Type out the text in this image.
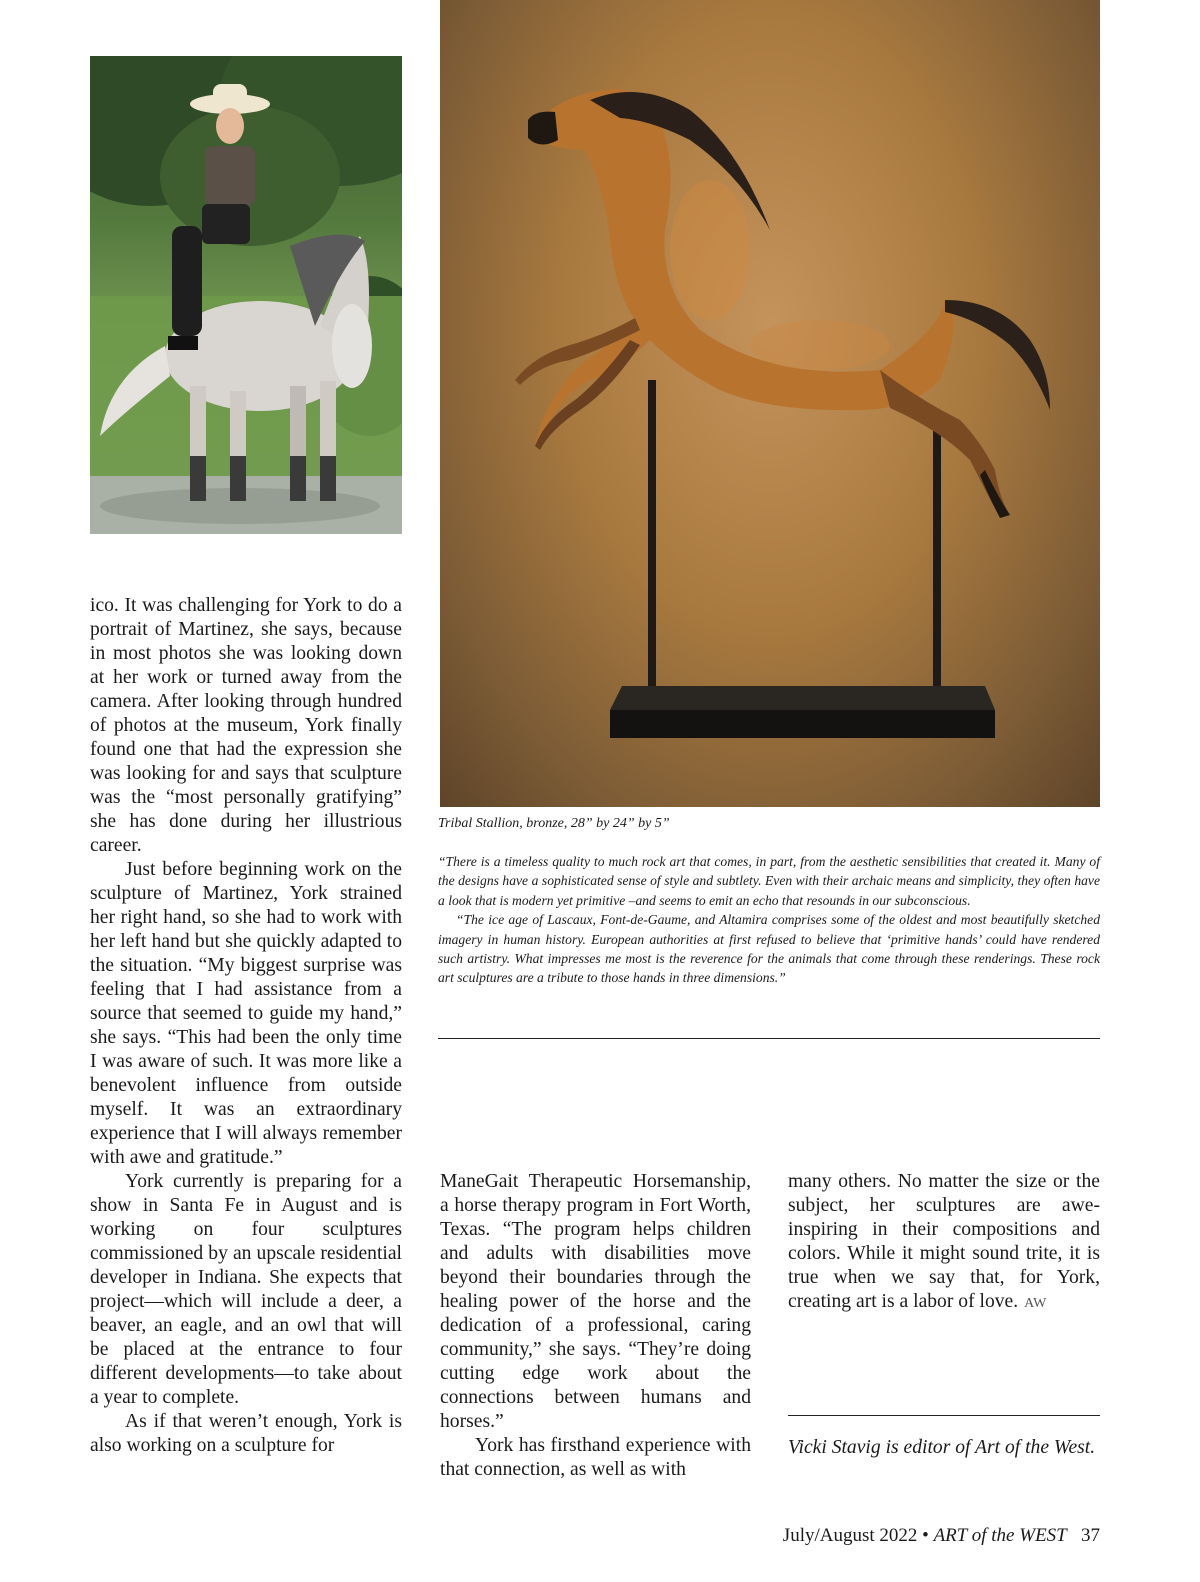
Tribal Stallion, bronze, 28” by 24” by 5”

“There is a timeless quality to much rock art that comes, in part, from the aesthetic sensibilities that created it. Many of the designs have a sophisticated sense of style and subtlety. Even with their archaic means and simplicity, they often have a look that is modern yet primitive –and seems to emit an echo that resounds in our subconscious.

“The ice age of Lascaux, Font-de-Gaume, and Altamira comprises some of the oldest and most beautifully sketched imagery in human history. European authorities at first refused to believe that ‘primitive hands’ could have rendered such artistry. What impresses me most is the reverence for the animals that come through these renderings. These rock art sculptures are a tribute to those hands in three dimensions.”

ico. It was challenging for York to do a portrait of Martinez, she says, because in most photos she was looking down at her work or turned away from the camera. After looking through hundred of photos at the museum, York finally found one that had the expression she was looking for and says that sculpture was the “most personally gratifying” she has done during her illustrious career.

Just before beginning work on the sculpture of Martinez, York strained her right hand, so she had to work with her left hand but she quickly adapted to the situation. “My biggest surprise was feeling that I had assistance from a source that seemed to guide my hand,” she says. “This had been the only time I was aware of such. It was more like a benevolent influence from outside myself. It was an extraordinary experience that I will always remember with awe and gratitude.”

York currently is preparing for a show in Santa Fe in August and is working on four sculptures commissioned by an upscale residential developer in Indiana. She expects that project—which will include a deer, a beaver, an eagle, and an owl that will be placed at the entrance to four different developments—to take about a year to complete.

As if that weren’t enough, York is also working on a sculpture for

ManeGait Therapeutic Horsemanship, a horse therapy program in Fort Worth, Texas. “The program helps children and adults with disabilities move beyond their boundaries through the healing power of the horse and the dedication of a professional, caring community,” she says. “They’re doing cutting edge work about the connections between humans and horses.”

York has firsthand experience with that connection, as well as with

many others. No matter the size or the subject, her sculptures are awe-inspiring in their compositions and colors. While it might sound trite, it is true when we say that, for York, creating art is a labor of love. AW

Vicki Stavig is editor of Art of the West.
July/August 2022 • ART of the WEST 37
